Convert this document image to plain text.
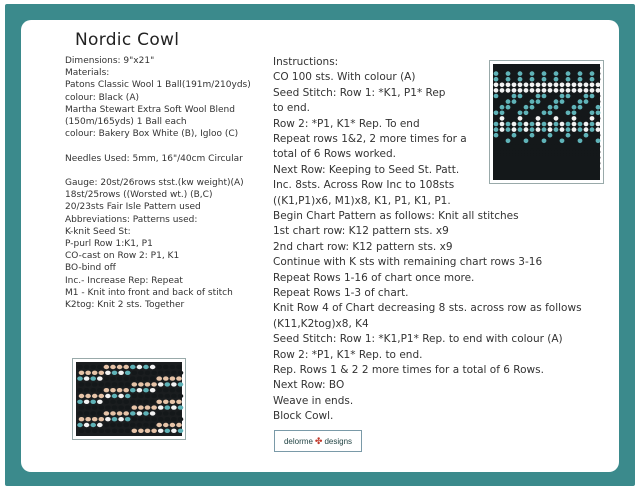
Nordic Cowl
Dimensions: 9"x21"
Materials:
Patons Classic Wool 1 Ball(191m/210yds)
colour: Black (A)
Martha Stewart Extra Soft Wool Blend
(150m/165yds) 1 Ball each
colour: Bakery Box White (B), Igloo (C)
Needles Used: 5mm, 16"/40cm Circular
Gauge: 20st/26rows stst.(kw weight)(A)
18st/25rows ((Worsted wt.) (B,C)
20/23sts Fair Isle Pattern used
Abbreviations: Patterns used:
K-knit Seed St:
P-purl Row 1:K1, P1
CO-cast on Row 2: P1, K1
BO-bind off
Inc.- Increase Rep: Repeat
M1 - Knit into front and back of stitch
K2tog: Knit 2 sts. Together
Instructions:
CO 100 sts. With colour (A)
Seed Stitch: Row 1: *K1, P1* Rep
to end.
Row 2: *P1, K1* Rep. To end
Repeat rows 1&2, 2 more times for a
total of 6 Rows worked.
Next Row: Keeping to Seed St. Patt.
Inc. 8sts. Across Row Inc to 108sts
((K1,P1)x6, M1)x8, K1, P1, K1, P1.
Begin Chart Pattern as follows: Knit all stitches
1st chart row: K12 pattern sts. x9
2nd chart row: K12 pattern sts. x9
Continue with K sts with remaining chart rows 3-16
Repeat Rows 1-16 of chart once more.
Repeat Rows 1-3 of chart.
Knit Row 4 of Chart decreasing 8 sts. across row as follows
(K11,K2tog)x8, K4
Seed Stitch: Row 1: *K1,P1* Rep. to end with colour (A)
Row 2: *P1, K1* Rep. to end.
Rep. Rows 1 & 2 2 more times for a total of 6 Rows.
Next Row: BO
Weave in ends.
Block Cowl.
delorme ✤ designs
